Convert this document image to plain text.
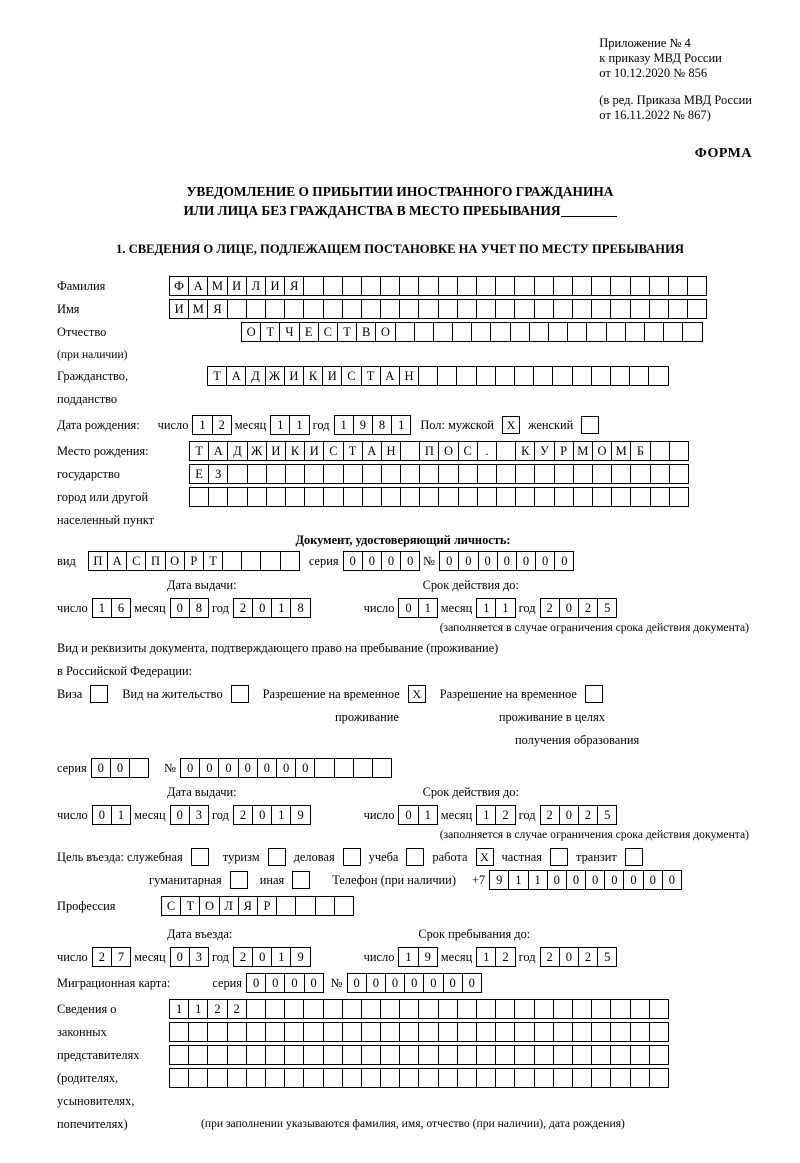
Приложение № 4
к приказу МВД России
от 10.12.2020 № 856
(в ред. Приказа МВД России
от 16.11.2022 № 867)
ФОРМА
УВЕДОМЛЕНИЕ О ПРИБЫТИИ ИНОСТРАННОГО ГРАЖДАНИНА
ИЛИ ЛИЦА БЕЗ ГРАЖДАНСТВА В МЕСТО ПРЕБЫВАНИЯ
1. СВЕДЕНИЯ О ЛИЦЕ, ПОДЛЕЖАЩЕМ ПОСТАНОВКЕ НА УЧЕТ ПО МЕСТУ ПРЕБЫВАНИЯ
Фамилия	Ф А М И Л И Я
Имя	И М Я
Отчество	О Т Ч Е С Т В О
(при наличии)
Гражданство,	Т А Д Ж И К И С Т А Н
подданство
Дата рождения: число 1	2 месяц 1	1 год 1	9	8	1	Пол: мужской	X	женский
Место рождения:	Т А Д Ж И К И С Т А Н	П О С	.	К У Р М О М Б
государство	Е З
город или другой
населенный пункт
Документ, удостоверяющий личность:
вид	П А С П О Р Т	серия 0	0	0	0 № 0	0	0	0	0	0	0
Дата выдачи:	Срок действия до:
число 1	6 месяц 0	8 год 2	0	1	8	число 0	1 месяц 1	1 год 2	0	2	5
(заполняется в случае ограничения срока действия документа)
Вид и реквизиты документа, подтверждающего право на пребывание (проживание)
в Российской Федерации:
Виза	Вид на жительство	Разрешение на временное	X	Разрешение на временное
проживание	проживание в целях
получения образования
серия 0	0	№ 0	0	0	0	0	0	0
Дата выдачи:	Срок действия до:
число 0	1 месяц 0	3 год 2	0	1	9	число 0	1 месяц 1	2 год 2	0	2	5
(заполняется в случае ограничения срока действия документа)
Цель въезда: служебная	туризм	деловая	учеба	работа	X	частная	транзит
гуманитарная	иная	Телефон (при наличии) +7 9	1	1	0	0	0	0	0	0	0
Профессия	С Т О Л Я Р
Дата въезда:	Срок пребывания до:
число 2	7 месяц 0	3 год 2	0	1	9	число 1	9 месяц 1	2 год 2	0	2	5
Миграционная карта:	серия 0	0	0	0	№ 0	0	0	0	0	0	0
Сведения о	1	1	2	2
законных
представителях
(родителях,
усыновителях,
попечителях)	(при заполнении указываются фамилия, имя, отчество (при наличии), дата рождения)
